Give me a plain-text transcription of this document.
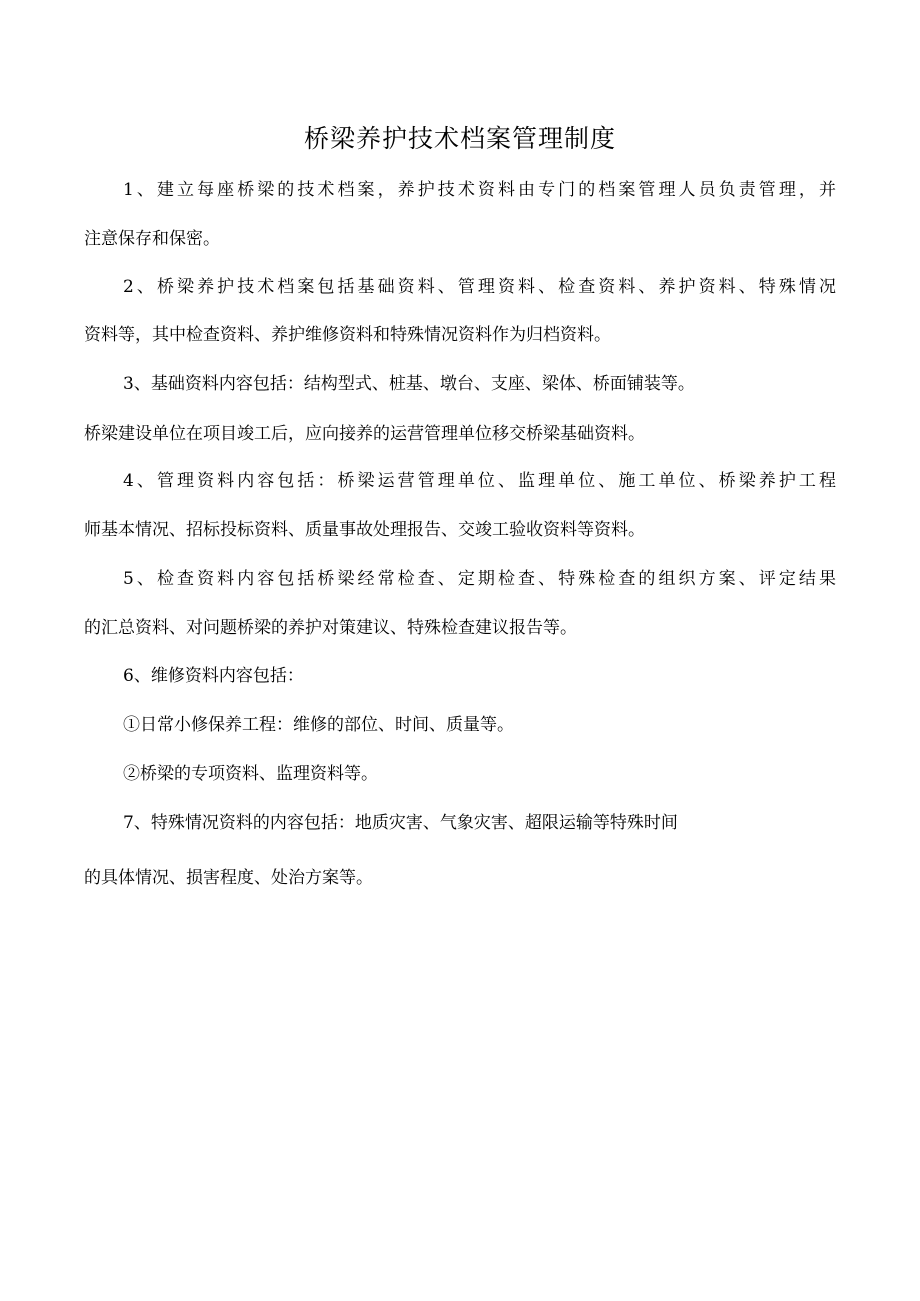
桥梁养护技术档案管理制度
1、建立每座桥梁的技术档案，养护技术资料由专门的档案管理人员负责管理，并
注意保存和保密。
2、桥梁养护技术档案包括基础资料、管理资料、检查资料、养护资料、特殊情况
资料等，其中检查资料、养护维修资料和特殊情况资料作为归档资料。
3、基础资料内容包括：结构型式、桩基、墩台、支座、梁体、桥面铺装等。
桥梁建设单位在项目竣工后，应向接养的运营管理单位移交桥梁基础资料。
4、管理资料内容包括：桥梁运营管理单位、监理单位、施工单位、桥梁养护工程
师基本情况、招标投标资料、质量事故处理报告、交竣工验收资料等资料。
5、检查资料内容包括桥梁经常检查、定期检查、特殊检查的组织方案、评定结果
的汇总资料、对问题桥梁的养护对策建议、特殊检查建议报告等。
6、维修资料内容包括：
①日常小修保养工程：维修的部位、时间、质量等。
②桥梁的专项资料、监理资料等。
7、特殊情况资料的内容包括：地质灾害、气象灾害、超限运输等特殊时间
的具体情况、损害程度、处治方案等。
